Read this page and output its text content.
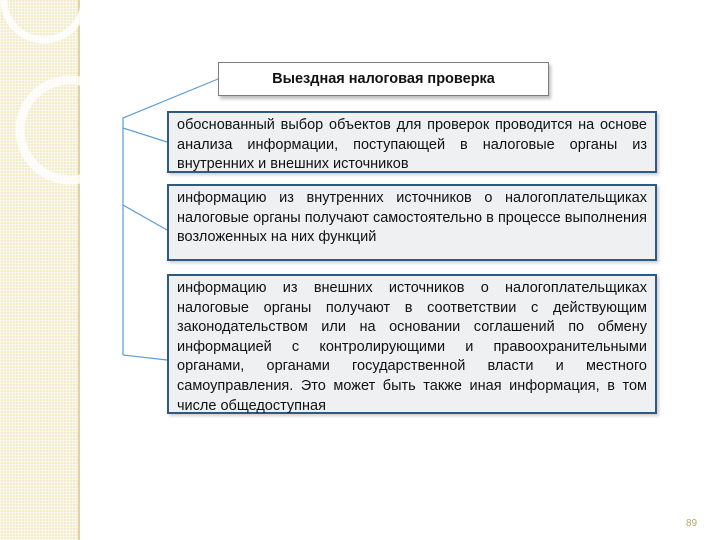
Выездная налоговая проверка
обоснованный выбор объектов для проверок проводится на основе анализа информации, поступающей в налоговые органы из внутренних и внешних источников
информацию из внутренних источников о налогоплательщиках налоговые органы получают самостоятельно в процессе выполнения возложенных на них функций
информацию из внешних источников о налогоплательщиках налоговые органы получают в соответствии с действующим законодательством или на основании соглашений по обмену информацией с контролирующими и правоохранительными органами, органами государственной власти и местного самоуправления. Это может быть также иная информация, в том числе общедоступная
89
